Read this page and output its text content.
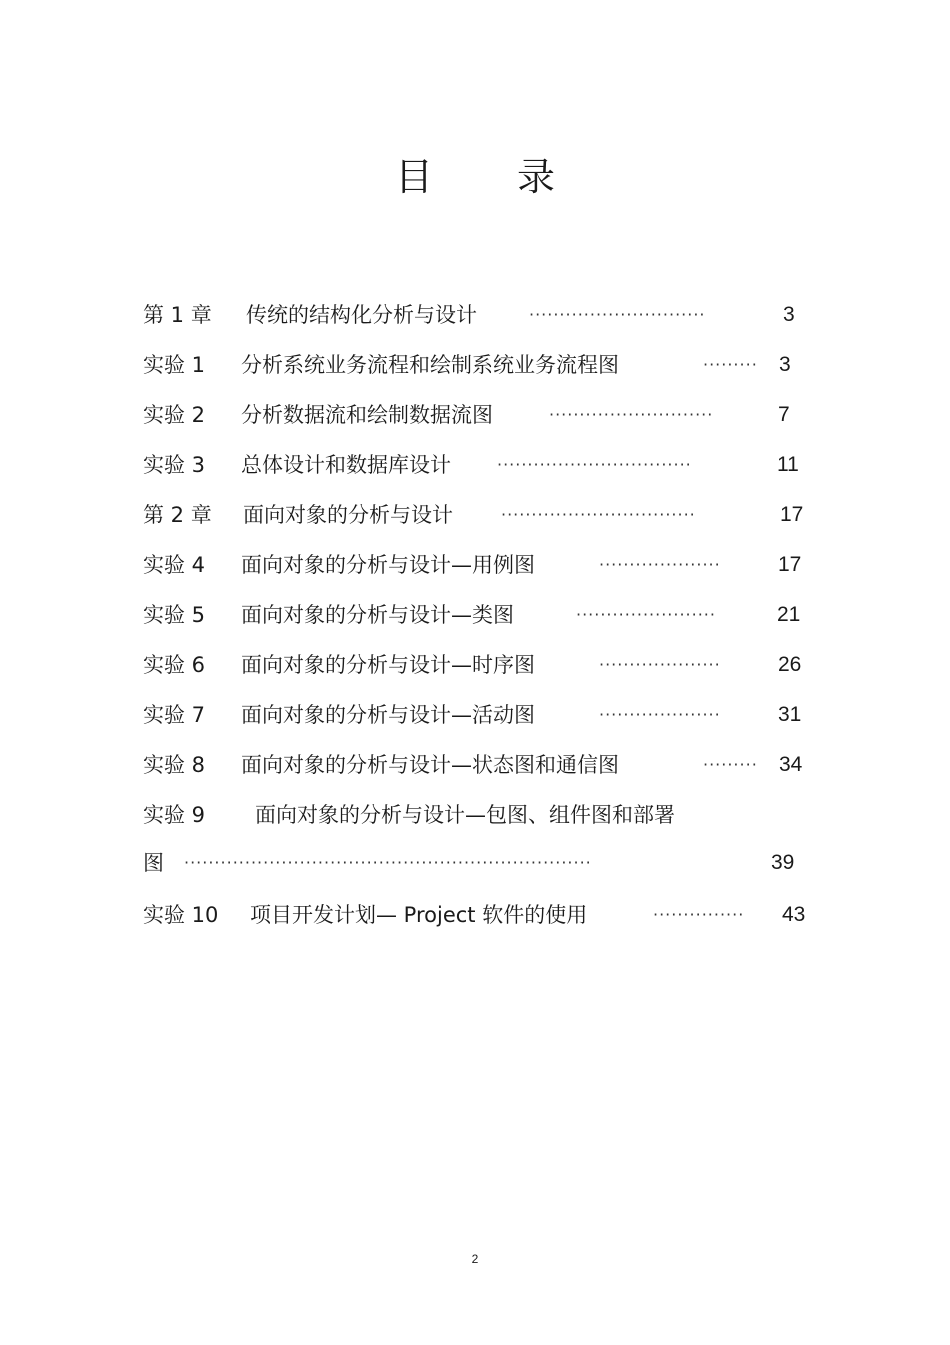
目 录
第 1 章 传统的结构化分析与设计	·····························	3
实验 1 分析系统业务流程和绘制系统业务流程图	········· 3
实验 2 分析数据流和绘制数据流图	···························	7
实验 3 总体设计和数据库设计	································	11
第 2 章 面向对象的分析与设计	································	17
实验 4 面向对象的分析与设计—用例图	····················	17
实验 5 面向对象的分析与设计—类图	·······················	21
实验 6 面向对象的分析与设计—时序图	····················	26
实验 7 面向对象的分析与设计—活动图	····················	31
实验 8 面向对象的分析与设计—状态图和通信图	········· 34
实验 9 面向对象的分析与设计—包图、组件图和部署
图 ···································································	39
实验 10 项目开发计划— Project 软件的使用	··············· 43
2
